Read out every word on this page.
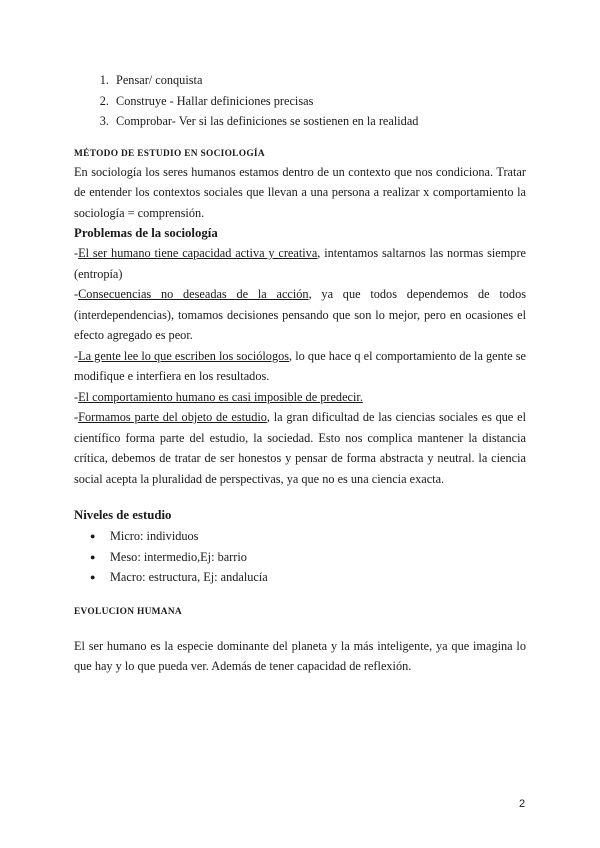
1. Pensar/ conquista
2. Construye - Hallar definiciones precisas
3. Comprobar- Ver si las definiciones se sostienen en la realidad
MÉTODO DE ESTUDIO EN SOCIOLOGÍA

En sociología los seres humanos estamos dentro de un contexto que nos condiciona. Tratar de entender los contextos sociales que llevan a una persona a realizar x comportamiento la sociología = comprensión.

Problemas de la sociología

-El ser humano tiene capacidad activa y creativa, intentamos saltarnos las normas siempre (entropía)

-Consecuencias no deseadas de la acción, ya que todos dependemos de todos (interdependencias), tomamos decisiones pensando que son lo mejor, pero en ocasiones el efecto agregado es peor.

-La gente lee lo que escriben los sociólogos, lo que hace q el comportamiento de la gente se modifique e interfiera en los resultados.

-El comportamiento humano es casi imposible de predecir.

-Formamos parte del objeto de estudio, la gran dificultad de las ciencias sociales es que el científico forma parte del estudio, la sociedad. Esto nos complica mantener la distancia crítica, debemos de tratar de ser honestos y pensar de forma abstracta y neutral. la ciencia social acepta la pluralidad de perspectivas, ya que no es una ciencia exacta.

Niveles de estudio
● Micro: individuos
● Meso: intermedio,Ej: barrio
● Macro: estructura, Ej: andalucía
EVOLUCION HUMANA

El ser humano es la especie dominante del planeta y la más inteligente, ya que imagina lo que hay y lo que pueda ver. Además de tener capacidad de reflexión.

2
